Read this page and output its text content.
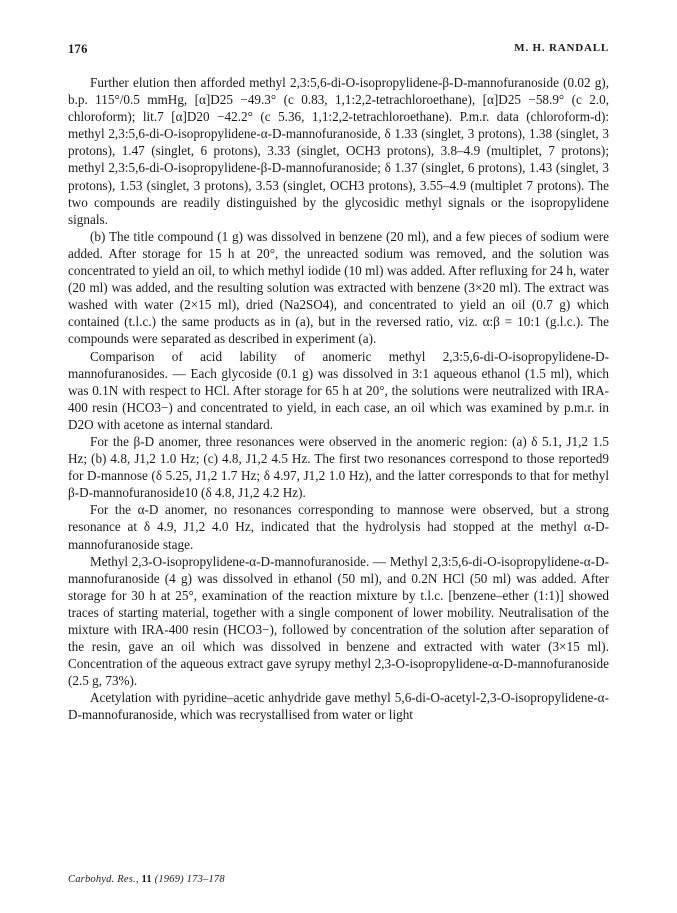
176	M. H. RANDALL

Further elution then afforded methyl 2,3:5,6-di-O-isopropylidene-β-D-mannofuranoside (0.02 g), b.p. 115°/0.5 mmHg, [α]D25 −49.3° (c 0.83, 1,1:2,2-tetrachloroethane), [α]D25 −58.9° (c 2.0, chloroform); lit.7 [α]D20 −42.2° (c 5.36, 1,1:2,2-tetrachloroethane). P.m.r. data (chloroform-d): methyl 2,3:5,6-di-O-isopropylidene-α-D-mannofuranoside, δ 1.33 (singlet, 3 protons), 1.38 (singlet, 3 protons), 1.47 (singlet, 6 protons), 3.33 (singlet, OCH3 protons), 3.8–4.9 (multiplet, 7 protons); methyl 2,3:5,6-di-O-isopropylidene-β-D-mannofuranoside; δ 1.37 (singlet, 6 protons), 1.43 (singlet, 3 protons), 1.53 (singlet, 3 protons), 3.53 (singlet, OCH3 protons), 3.55–4.9 (multiplet 7 protons). The two compounds are readily distinguished by the glycosidic methyl signals or the isopropylidene signals.

(b) The title compound (1 g) was dissolved in benzene (20 ml), and a few pieces of sodium were added. After storage for 15 h at 20°, the unreacted sodium was removed, and the solution was concentrated to yield an oil, to which methyl iodide (10 ml) was added. After refluxing for 24 h, water (20 ml) was added, and the resulting solution was extracted with benzene (3×20 ml). The extract was washed with water (2×15 ml), dried (Na2SO4), and concentrated to yield an oil (0.7 g) which contained (t.l.c.) the same products as in (a), but in the reversed ratio, viz. α:β = 10:1 (g.l.c.). The compounds were separated as described in experiment (a).

Comparison of acid lability of anomeric methyl 2,3:5,6-di-O-isopropylidene-D-mannofuranosides. — Each glycoside (0.1 g) was dissolved in 3:1 aqueous ethanol (1.5 ml), which was 0.1N with respect to HCl. After storage for 65 h at 20°, the solutions were neutralized with IRA-400 resin (HCO3−) and concentrated to yield, in each case, an oil which was examined by p.m.r. in D2O with acetone as internal standard.

For the β-D anomer, three resonances were observed in the anomeric region: (a) δ 5.1, J1,2 1.5 Hz; (b) 4.8, J1,2 1.0 Hz; (c) 4.8, J1,2 4.5 Hz. The first two resonances correspond to those reported9 for D-mannose (δ 5.25, J1,2 1.7 Hz; δ 4.97, J1,2 1.0 Hz), and the latter corresponds to that for methyl β-D-mannofuranoside10 (δ 4.8, J1,2 4.2 Hz).

For the α-D anomer, no resonances corresponding to mannose were observed, but a strong resonance at δ 4.9, J1,2 4.0 Hz, indicated that the hydrolysis had stopped at the methyl α-D-mannofuranoside stage.

Methyl 2,3-O-isopropylidene-α-D-mannofuranoside. — Methyl 2,3:5,6-di-O-isopropylidene-α-D-mannofuranoside (4 g) was dissolved in ethanol (50 ml), and 0.2N HCl (50 ml) was added. After storage for 30 h at 25°, examination of the reaction mixture by t.l.c. [benzene–ether (1:1)] showed traces of starting material, together with a single component of lower mobility. Neutralisation of the mixture with IRA-400 resin (HCO3−), followed by concentration of the solution after separation of the resin, gave an oil which was dissolved in benzene and extracted with water (3×15 ml). Concentration of the aqueous extract gave syrupy methyl 2,3-O-isopropylidene-α-D-mannofuranoside (2.5 g, 73%).

Acetylation with pyridine–acetic anhydride gave methyl 5,6-di-O-acetyl-2,3-O-isopropylidene-α-D-mannofuranoside, which was recrystallised from water or light

Carbohyd. Res., 11 (1969) 173–178
